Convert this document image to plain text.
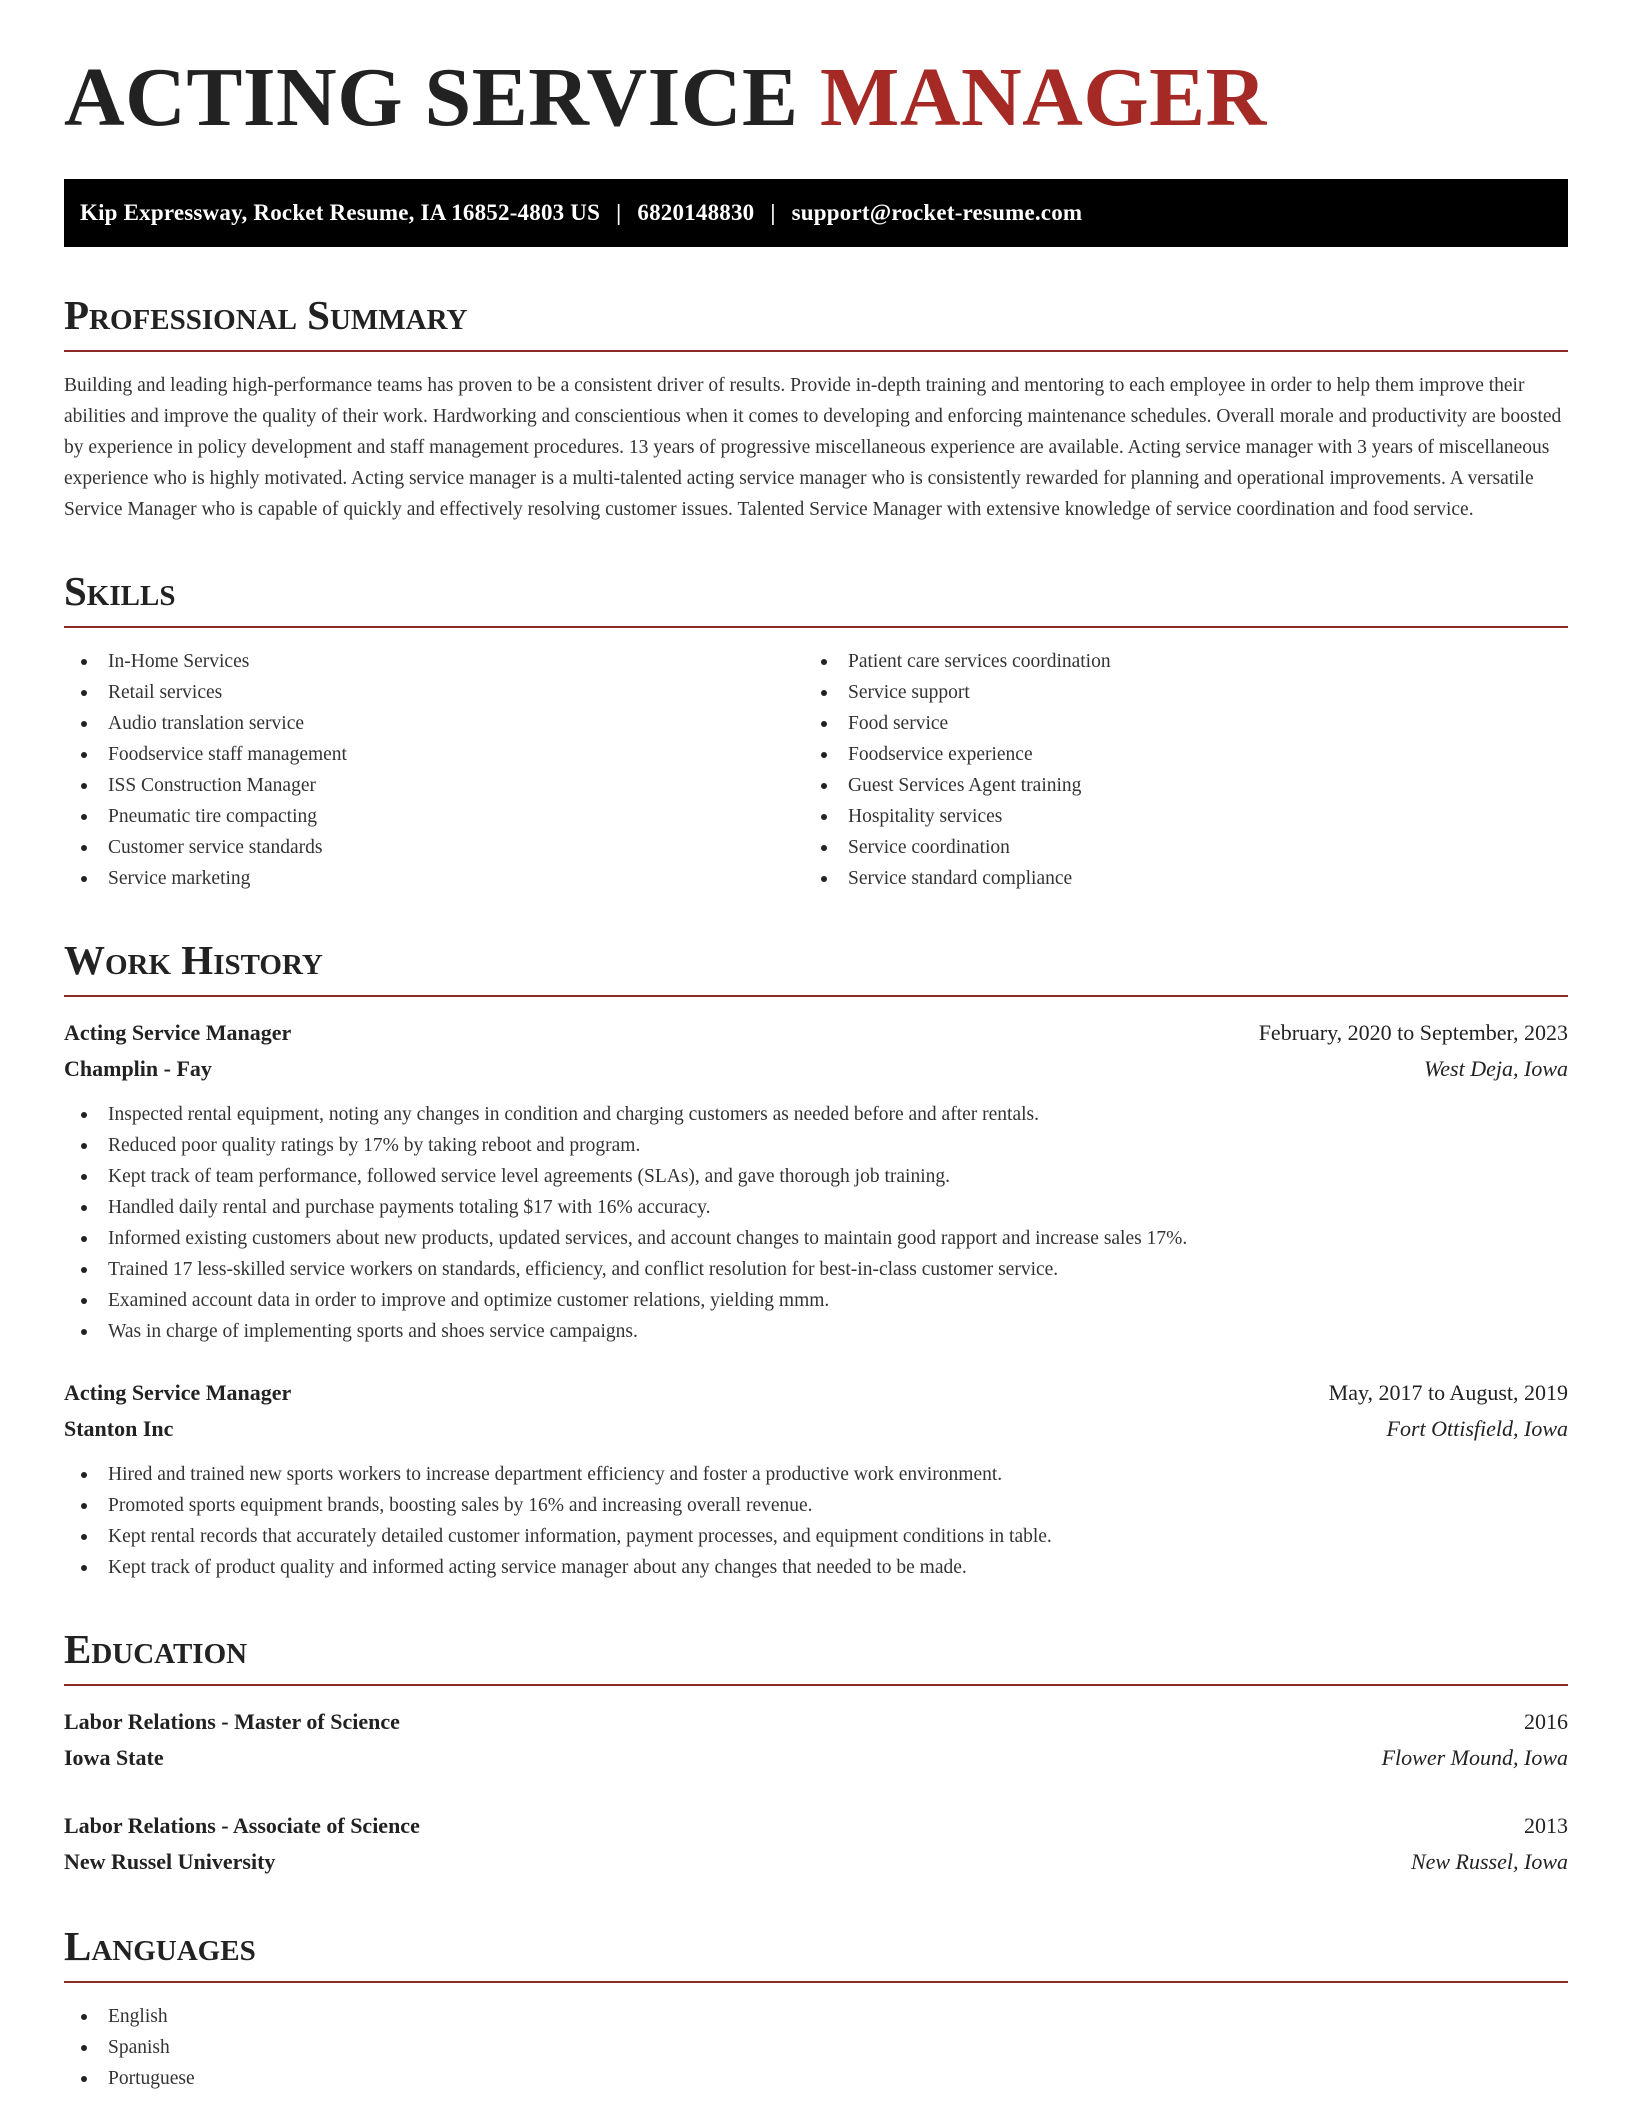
ACTING SERVICE MANAGER
Kip Expressway, Rocket Resume, IA 16852-4803 US | 6820148830 | support@rocket-resume.com
Professional Summary

Building and leading high-performance teams has proven to be a consistent driver of results. Provide in-depth training and mentoring to each employee in order to help them improve their abilities and improve the quality of their work. Hardworking and conscientious when it comes to developing and enforcing maintenance schedules. Overall morale and productivity are boosted by experience in policy development and staff management procedures. 13 years of progressive miscellaneous experience are available. Acting service manager with 3 years of miscellaneous experience who is highly motivated. Acting service manager is a multi-talented acting service manager who is consistently rewarded for planning and operational improvements. A versatile Service Manager who is capable of quickly and effectively resolving customer issues. Talented Service Manager with extensive knowledge of service coordination and food service.

Skills
In-Home Services
Retail services
Audio translation service
Foodservice staff management
ISS Construction Manager
Pneumatic tire compacting
Customer service standards
Service marketing
Patient care services coordination
Service support
Food service
Foodservice experience
Guest Services Agent training
Hospitality services
Service coordination
Service standard compliance
Work History
Acting Service Manager	February, 2020 to September, 2023
Champlin - Fay	West Deja, Iowa
Inspected rental equipment, noting any changes in condition and charging customers as needed before and after rentals.
Reduced poor quality ratings by 17% by taking reboot and program.
Kept track of team performance, followed service level agreements (SLAs), and gave thorough job training.
Handled daily rental and purchase payments totaling $17 with 16% accuracy.
Informed existing customers about new products, updated services, and account changes to maintain good rapport and increase sales 17%.
Trained 17 less-skilled service workers on standards, efficiency, and conflict resolution for best-in-class customer service.
Examined account data in order to improve and optimize customer relations, yielding mmm.
Was in charge of implementing sports and shoes service campaigns.
Acting Service Manager	May, 2017 to August, 2019
Stanton Inc	Fort Ottisfield, Iowa
Hired and trained new sports workers to increase department efficiency and foster a productive work environment.
Promoted sports equipment brands, boosting sales by 16% and increasing overall revenue.
Kept rental records that accurately detailed customer information, payment processes, and equipment conditions in table.
Kept track of product quality and informed acting service manager about any changes that needed to be made.
Education
Labor Relations - Master of Science	2016
Iowa State	Flower Mound, Iowa
Labor Relations - Associate of Science	2013
New Russel University	New Russel, Iowa
Languages
English
Spanish
Portuguese
